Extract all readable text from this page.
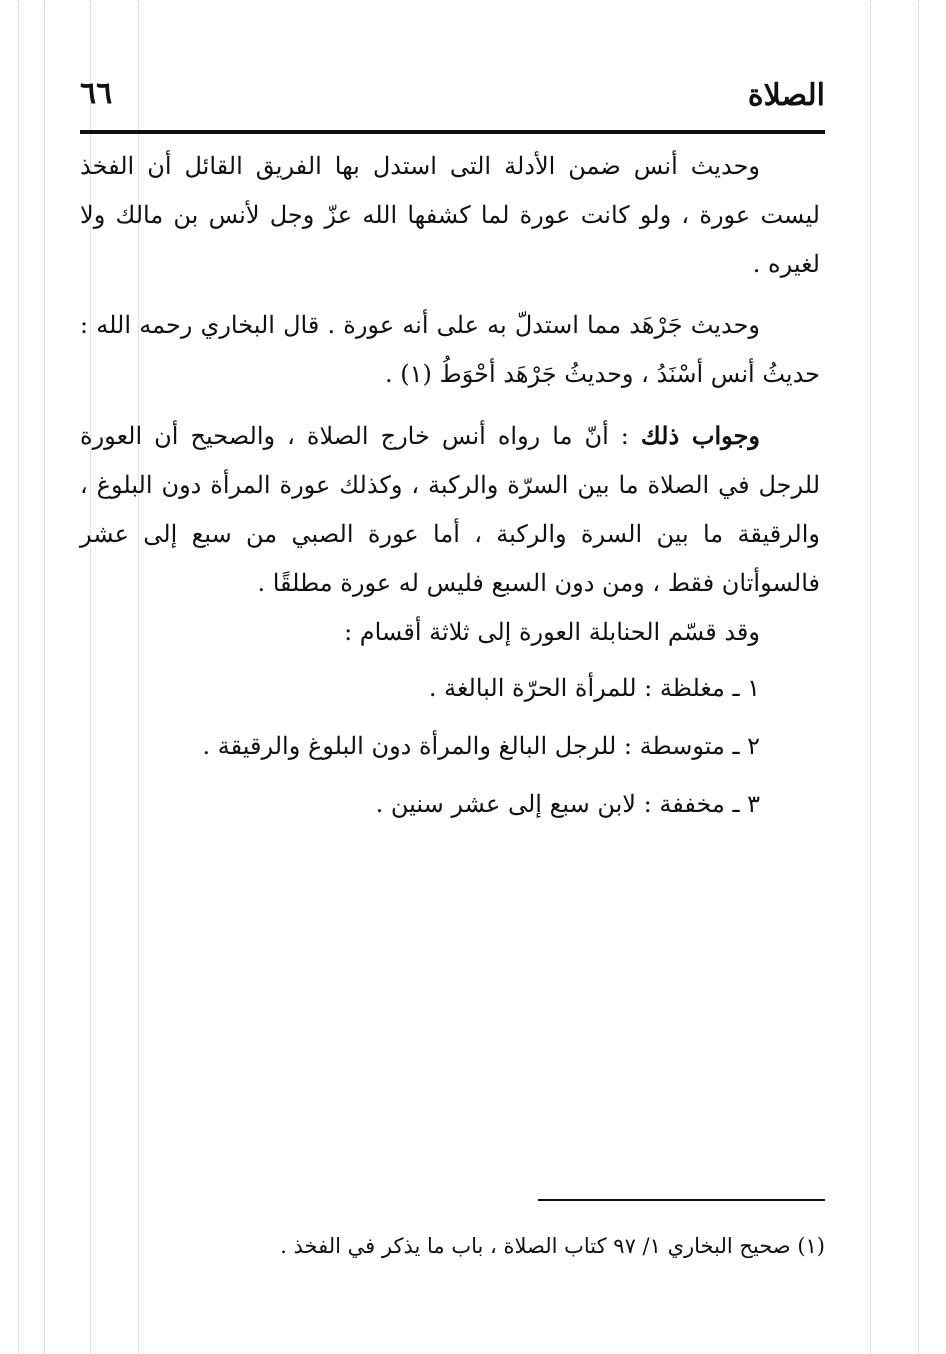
الصلاة
٦٦

وحديث أنس ضمن الأدلة التى استدل بها الفريق القائل أن الفخذ ليست عورة ، ولو كانت عورة لما كشفها الله عزّ وجل لأنس بن مالك ولا لغيره .

وحديث جَرْهَد مما استدلّ به على أنه عورة . قال البخاري رحمه الله : حديثُ أنس أسْنَدُ ، وحديثُ جَرْهَد أحْوَطُ (١) .

وجواب ذلك : أنّ ما رواه أنس خارج الصلاة ، والصحيح أن العورة للرجل في الصلاة ما بين السرّة والركبة ، وكذلك عورة المرأة دون البلوغ ، والرقيقة ما بين السرة والركبة ، أما عورة الصبي من سبع إلى عشر فالسوأتان فقط ، ومن دون السبع فليس له عورة مطلقًا .

وقد قسّم الحنابلة العورة إلى ثلاثة أقسام :

١ ـ مغلظة : للمرأة الحرّة البالغة .
٢ ـ متوسطة : للرجل البالغ والمرأة دون البلوغ والرقيقة .
٣ ـ مخففة : لابن سبع إلى عشر سنين .
(١) صحيح البخاري ١/ ٩٧ كتاب الصلاة ، باب ما يذكر في الفخذ .
